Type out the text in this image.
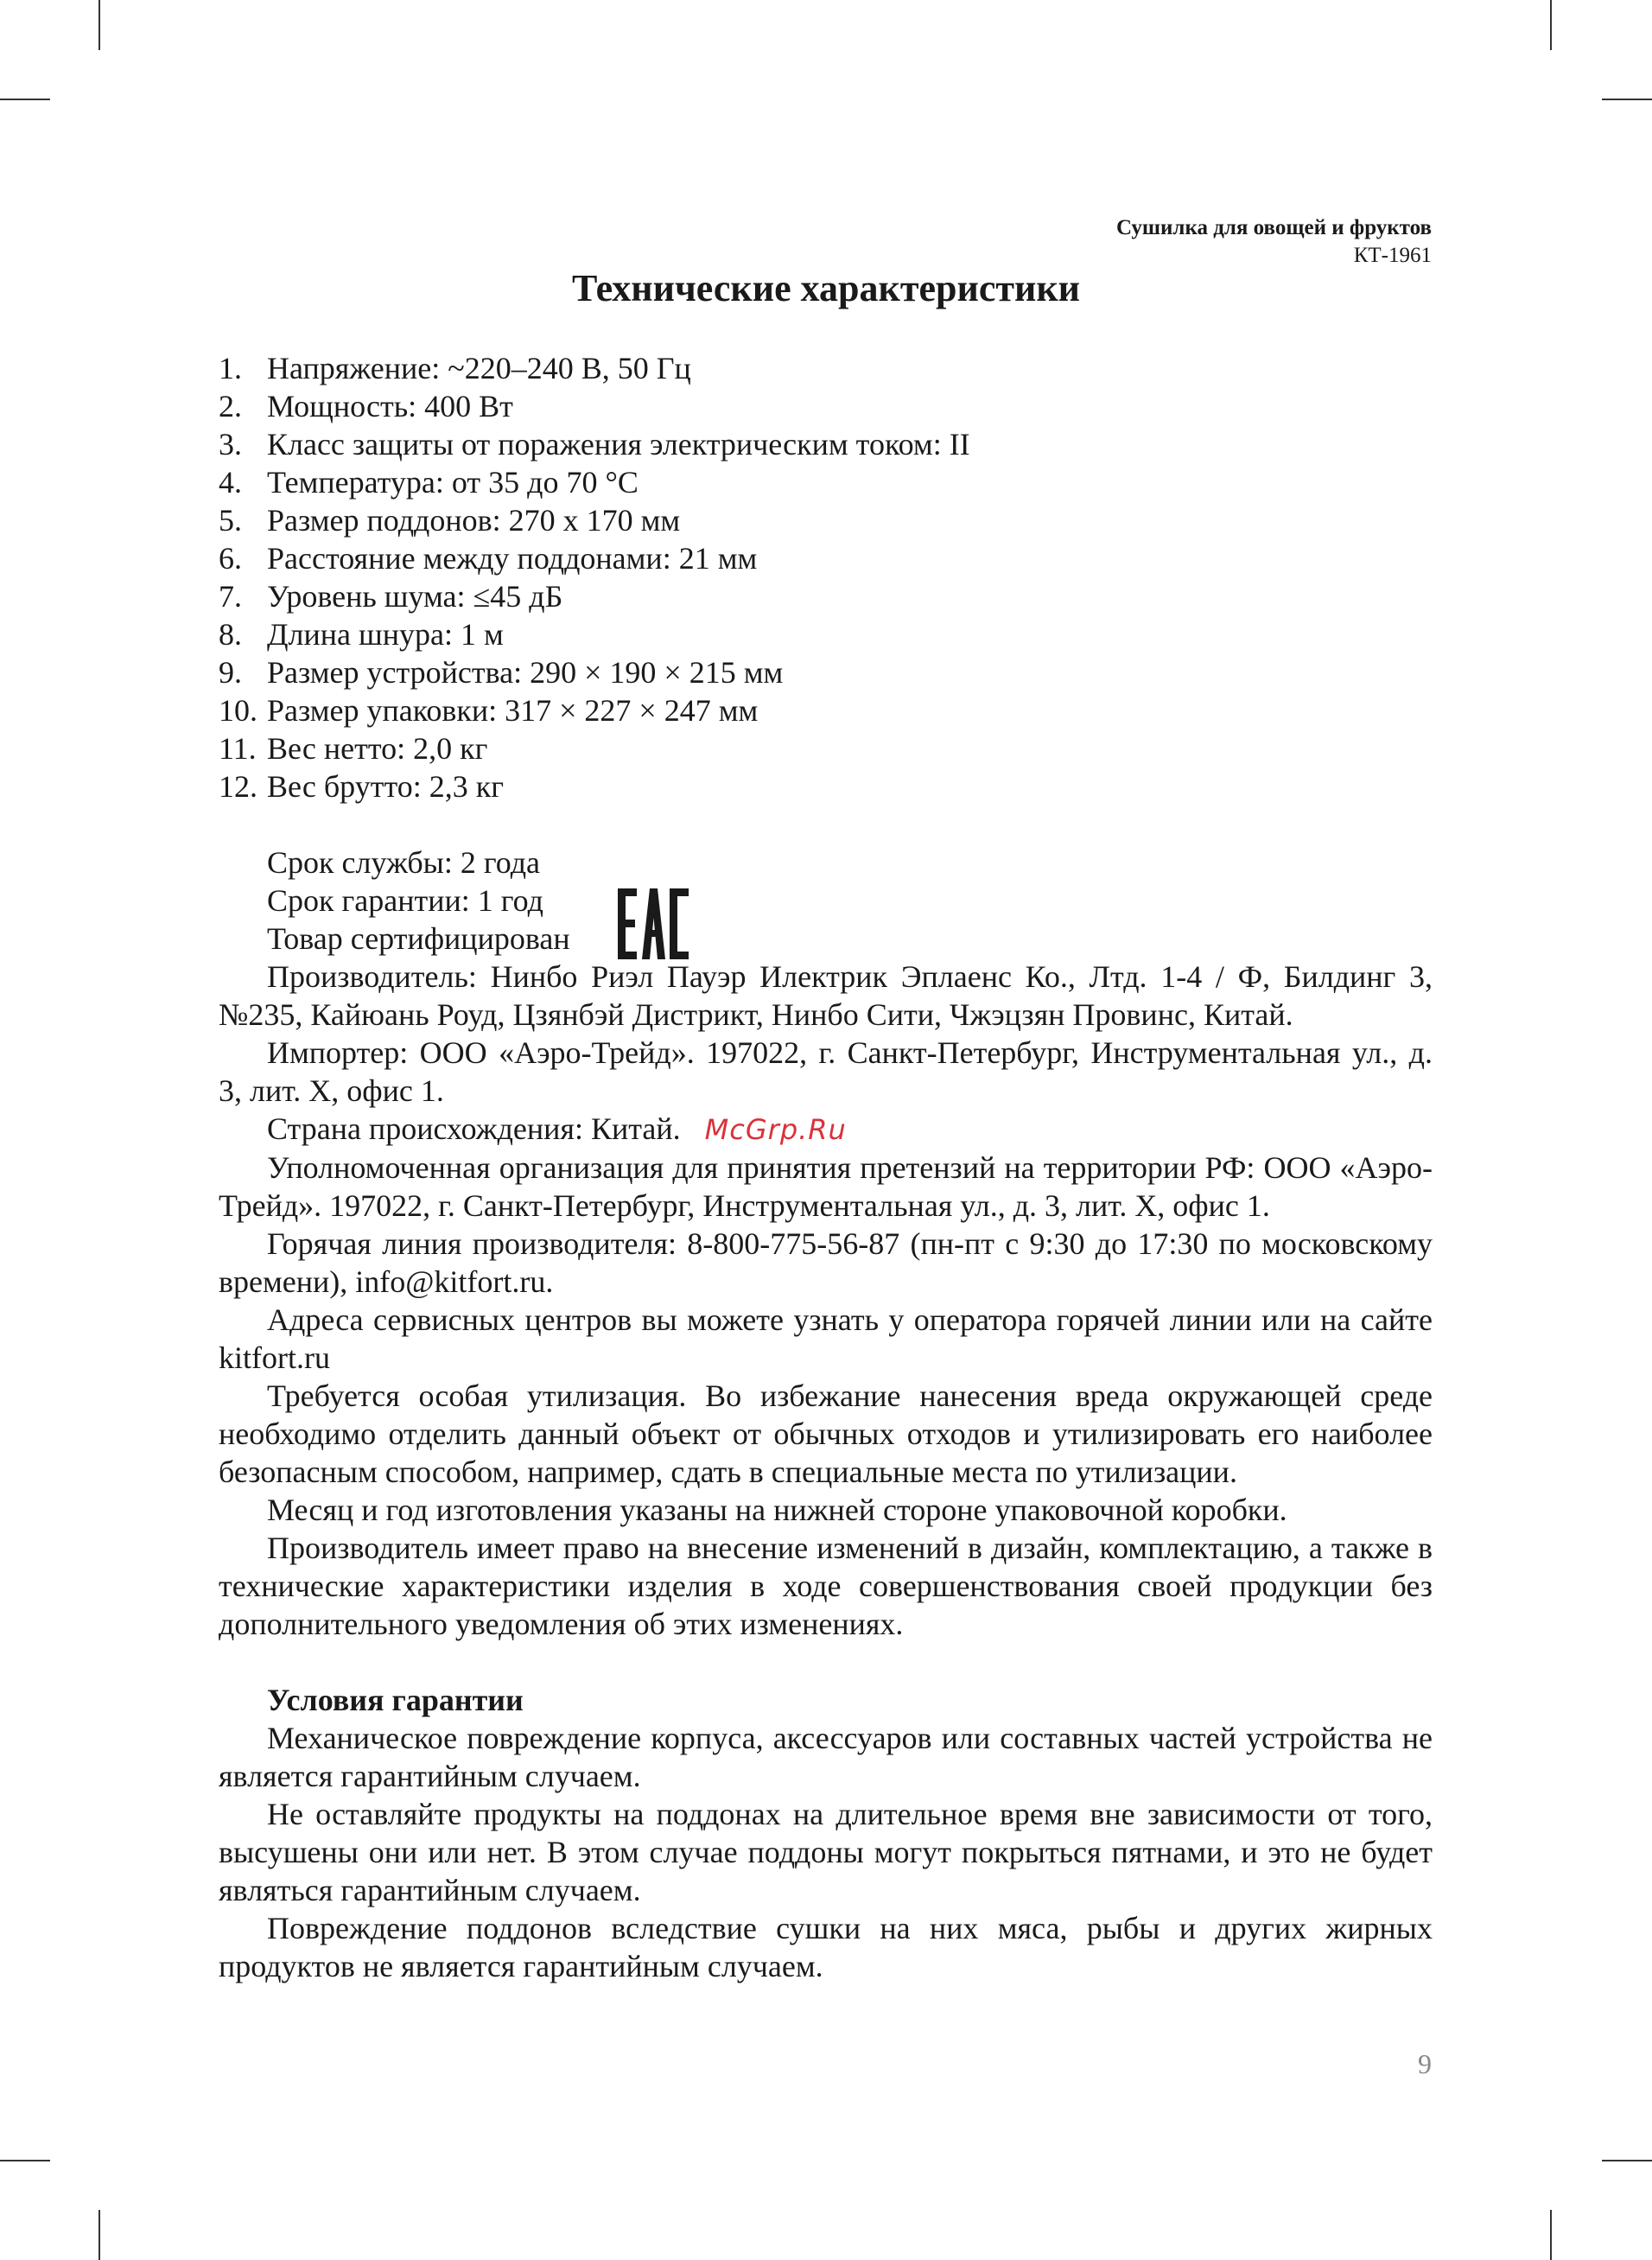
Сушилка для овощей и фруктов
КТ-1961
Технические характеристики
1. Напряжение: ~220–240 В, 50 Гц
2. Мощность: 400 Вт
3. Класс защиты от поражения электрическим током: II
4. Температура: от 35 до 70 °С
5. Размер поддонов: 270 х 170 мм
6. Расстояние между поддонами: 21 мм
7. Уровень шума: ≤45 дБ
8. Длина шнура: 1 м
9. Размер устройства: 290 × 190 × 215 мм
10. Размер упаковки: 317 × 227 × 247 мм
11. Вес нетто: 2,0 кг
12. Вес брутто: 2,3 кг
Срок службы: 2 года
Срок гарантии: 1 год
Товар сертифицирован

Производитель: Нинбо Риэл Пауэр Илектрик Эплаенс Ко., Лтд. 1-4 / Ф, Билдинг 3, №235, Кайюань Роуд, Цзянбэй Дистрикт, Нинбо Сити, Чжэцзян Провинс, Китай.

Импортер: ООО «Аэро-Трейд». 197022, г. Санкт-Петербург, Инструментальная ул., д. 3, лит. Х, офис 1.

Страна происхождения: Китай. McGrp.Ru

Уполномоченная организация для принятия претензий на территории РФ: ООО «Аэро-Трейд». 197022, г. Санкт-Петербург, Инструментальная ул., д. 3, лит. Х, офис 1.

Горячая линия производителя: 8-800-775-56-87 (пн-пт с 9:30 до 17:30 по московскому времени), info@kitfort.ru.

Адреса сервисных центров вы можете узнать у оператора горячей линии или на сайте kitfort.ru

Требуется особая утилизация. Во избежание нанесения вреда окружающей среде необходимо отделить данный объект от обычных отходов и утилизировать его наиболее безопасным способом, например, сдать в специальные места по утилизации.

Месяц и год изготовления указаны на нижней стороне упаковочной коробки.

Производитель имеет право на внесение изменений в дизайн, комплектацию, а также в технические характеристики изделия в ходе совершенствования своей продукции без дополнительного уведомления об этих изменениях.

Условия гарантии

Механическое повреждение корпуса, аксессуаров или составных частей устройства не является гарантийным случаем.

Не оставляйте продукты на поддонах на длительное время вне зависимости от того, высушены они или нет. В этом случае поддоны могут покрыться пятнами, и это не будет являться гарантийным случаем.

Повреждение поддонов вследствие сушки на них мяса, рыбы и других жирных продуктов не является гарантийным случаем.

9
